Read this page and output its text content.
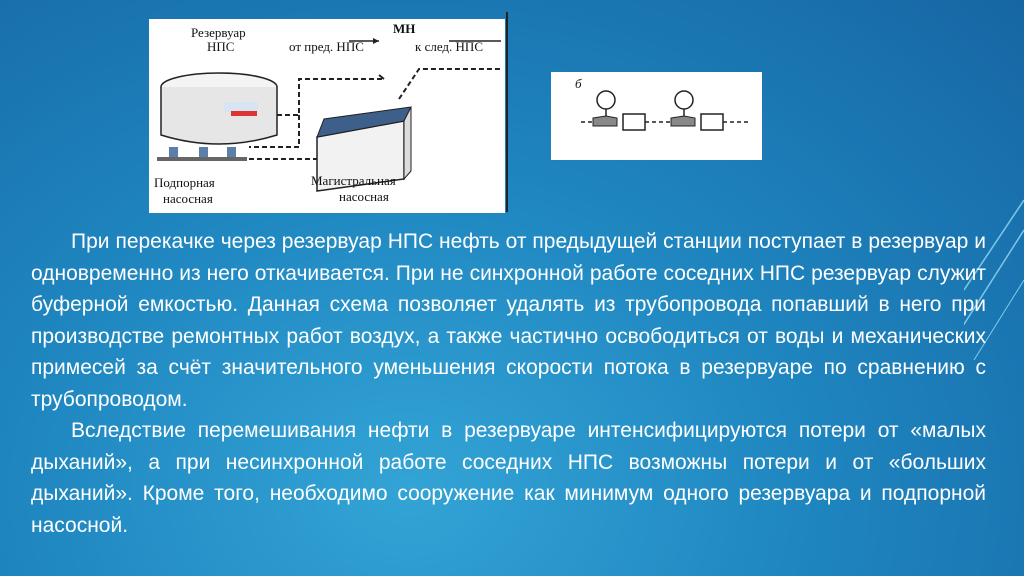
Резервуар
НПС
МН
от пред. НПС	к след. НПС
Подпорная
насосная
Магистральная
насосная
б

При перекачке через резервуар НПС нефть от предыдущей станции поступает в резервуар и одновременно из него откачивается. При не синхронной работе соседних НПС резервуар служит буферной емкостью. Данная схема позволяет удалять из трубопровода попавший в него при производстве ремонтных работ воздух, а также частично освободиться от воды и механических примесей за счёт значительного уменьшения скорости потока в резервуаре по сравнению с трубопроводом.

Вследствие перемешивания нефти в резервуаре интенсифицируются потери от «малых дыханий», а при несинхронной работе соседних НПС возможны потери и от «больших дыханий». Кроме того, необходимо сооружение как минимум одного резервуара и подпорной насосной.
